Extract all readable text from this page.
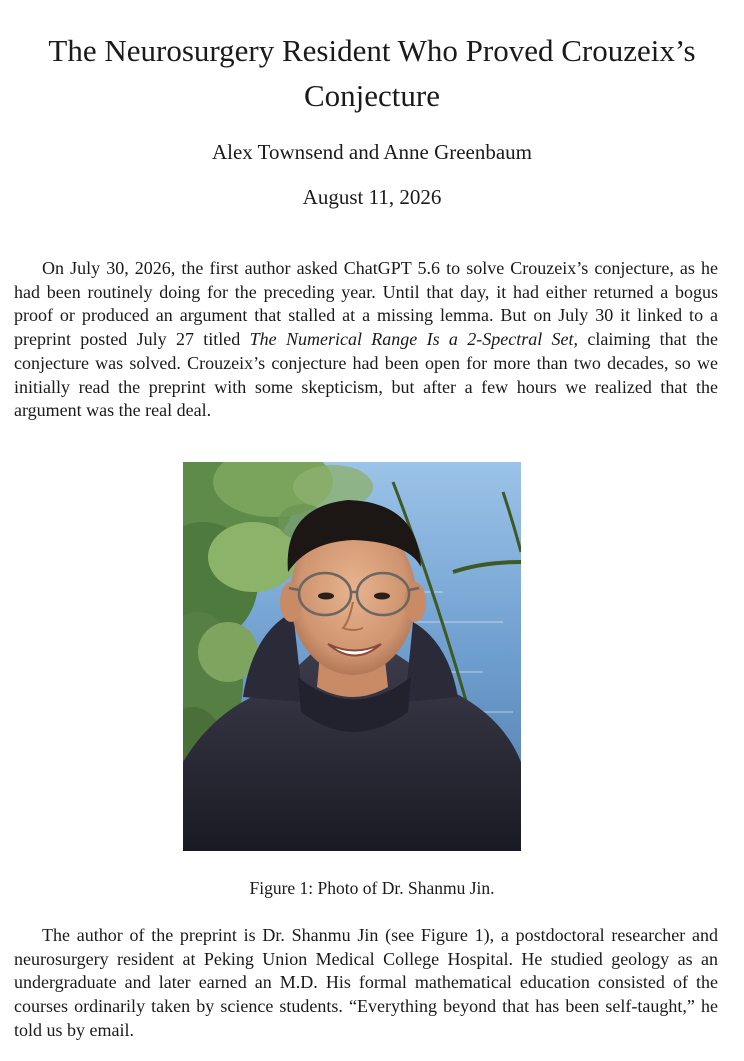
The Neurosurgery Resident Who Proved Crouzeix’s Conjecture
Alex Townsend and Anne Greenbaum
August 11, 2026

On July 30, 2026, the first author asked ChatGPT 5.6 to solve Crouzeix’s conjecture, as he had been routinely doing for the preceding year. Until that day, it had either returned a bogus proof or produced an argument that stalled at a missing lemma. But on July 30 it linked to a preprint posted July 27 titled The Numerical Range Is a 2-Spectral Set, claiming that the conjecture was solved. Crouzeix’s conjecture had been open for more than two decades, so we initially read the preprint with some skepticism, but after a few hours we realized that the argument was the real deal.

Figure 1: Photo of Dr. Shanmu Jin.

The author of the preprint is Dr. Shanmu Jin (see Figure 1), a postdoctoral researcher and neurosurgery resident at Peking Union Medical College Hospital. He studied geology as an undergraduate and later earned an M.D. His formal mathematical education consisted of the courses ordinarily taken by science students. “Everything beyond that has been self-taught,” he told us by email.
